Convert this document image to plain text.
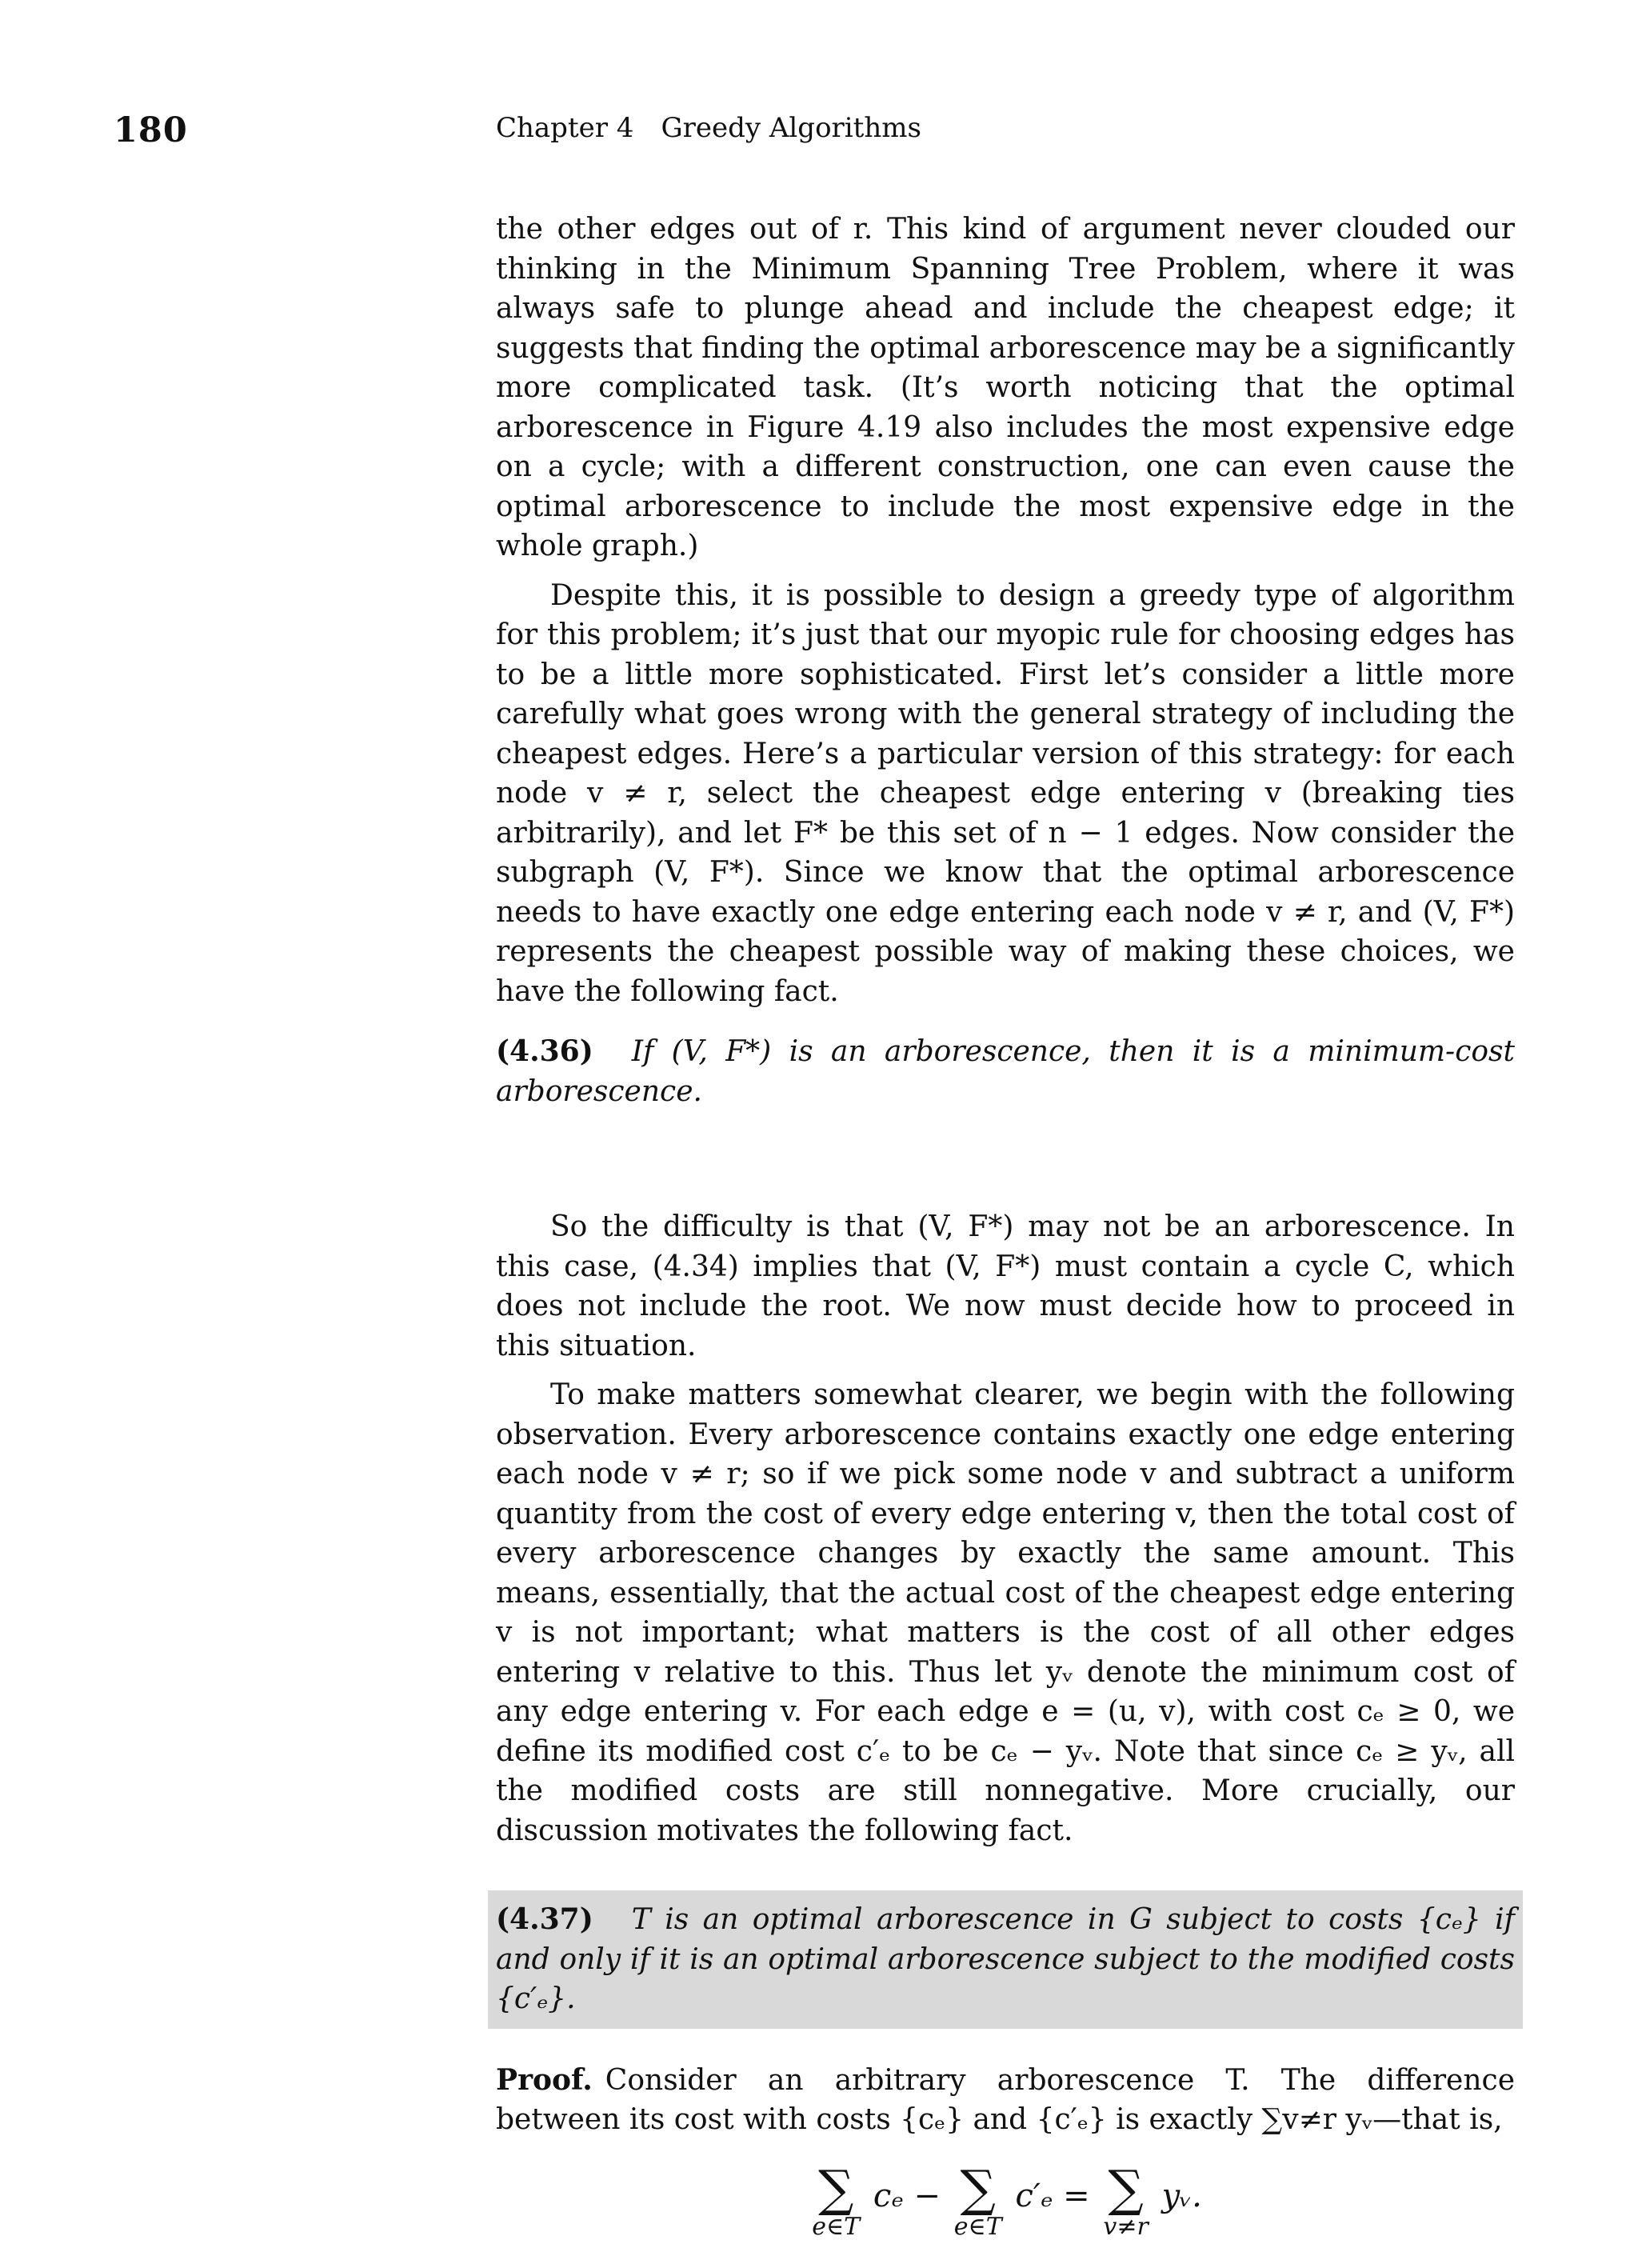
180	Chapter 4 Greedy Algorithms

the other edges out of r. This kind of argument never clouded our thinking in the Minimum Spanning Tree Problem, where it was always safe to plunge ahead and include the cheapest edge; it suggests that finding the optimal arborescence may be a significantly more complicated task. (It’s worth noticing that the optimal arborescence in Figure 4.19 also includes the most expensive edge on a cycle; with a different construction, one can even cause the optimal arborescence to include the most expensive edge in the whole graph.)

Despite this, it is possible to design a greedy type of algorithm for this problem; it’s just that our myopic rule for choosing edges has to be a little more sophisticated. First let’s consider a little more carefully what goes wrong with the general strategy of including the cheapest edges. Here’s a particular version of this strategy: for each node v ≠ r, select the cheapest edge entering v (breaking ties arbitrarily), and let F* be this set of n − 1 edges. Now consider the subgraph (V, F*). Since we know that the optimal arborescence needs to have exactly one edge entering each node v ≠ r, and (V, F*) represents the cheapest possible way of making these choices, we have the following fact.

(4.36) If (V, F*) is an arborescence, then it is a minimum-cost arborescence.

So the difficulty is that (V, F*) may not be an arborescence. In this case, (4.34) implies that (V, F*) must contain a cycle C, which does not include the root. We now must decide how to proceed in this situation.

To make matters somewhat clearer, we begin with the following observation. Every arborescence contains exactly one edge entering each node v ≠ r; so if we pick some node v and subtract a uniform quantity from the cost of every edge entering v, then the total cost of every arborescence changes by exactly the same amount. This means, essentially, that the actual cost of the cheapest edge entering v is not important; what matters is the cost of all other edges entering v relative to this. Thus let yᵥ denote the minimum cost of any edge entering v. For each edge e = (u, v), with cost cₑ ≥ 0, we define its modified cost c′ₑ to be cₑ − yᵥ. Note that since cₑ ≥ yᵥ, all the modified costs are still nonnegative. More crucially, our discussion motivates the following fact.

(4.37) T is an optimal arborescence in G subject to costs {cₑ} if and only if it is an optimal arborescence subject to the modified costs {c′ₑ}.

Proof. Consider an arbitrary arborescence T. The difference between its cost with costs {cₑ} and {c′ₑ} is exactly ∑v≠r yᵥ—that is,

∑
e∈T
cₑ − ∑
e∈T
c′ₑ = ∑
v≠r
yᵥ.
